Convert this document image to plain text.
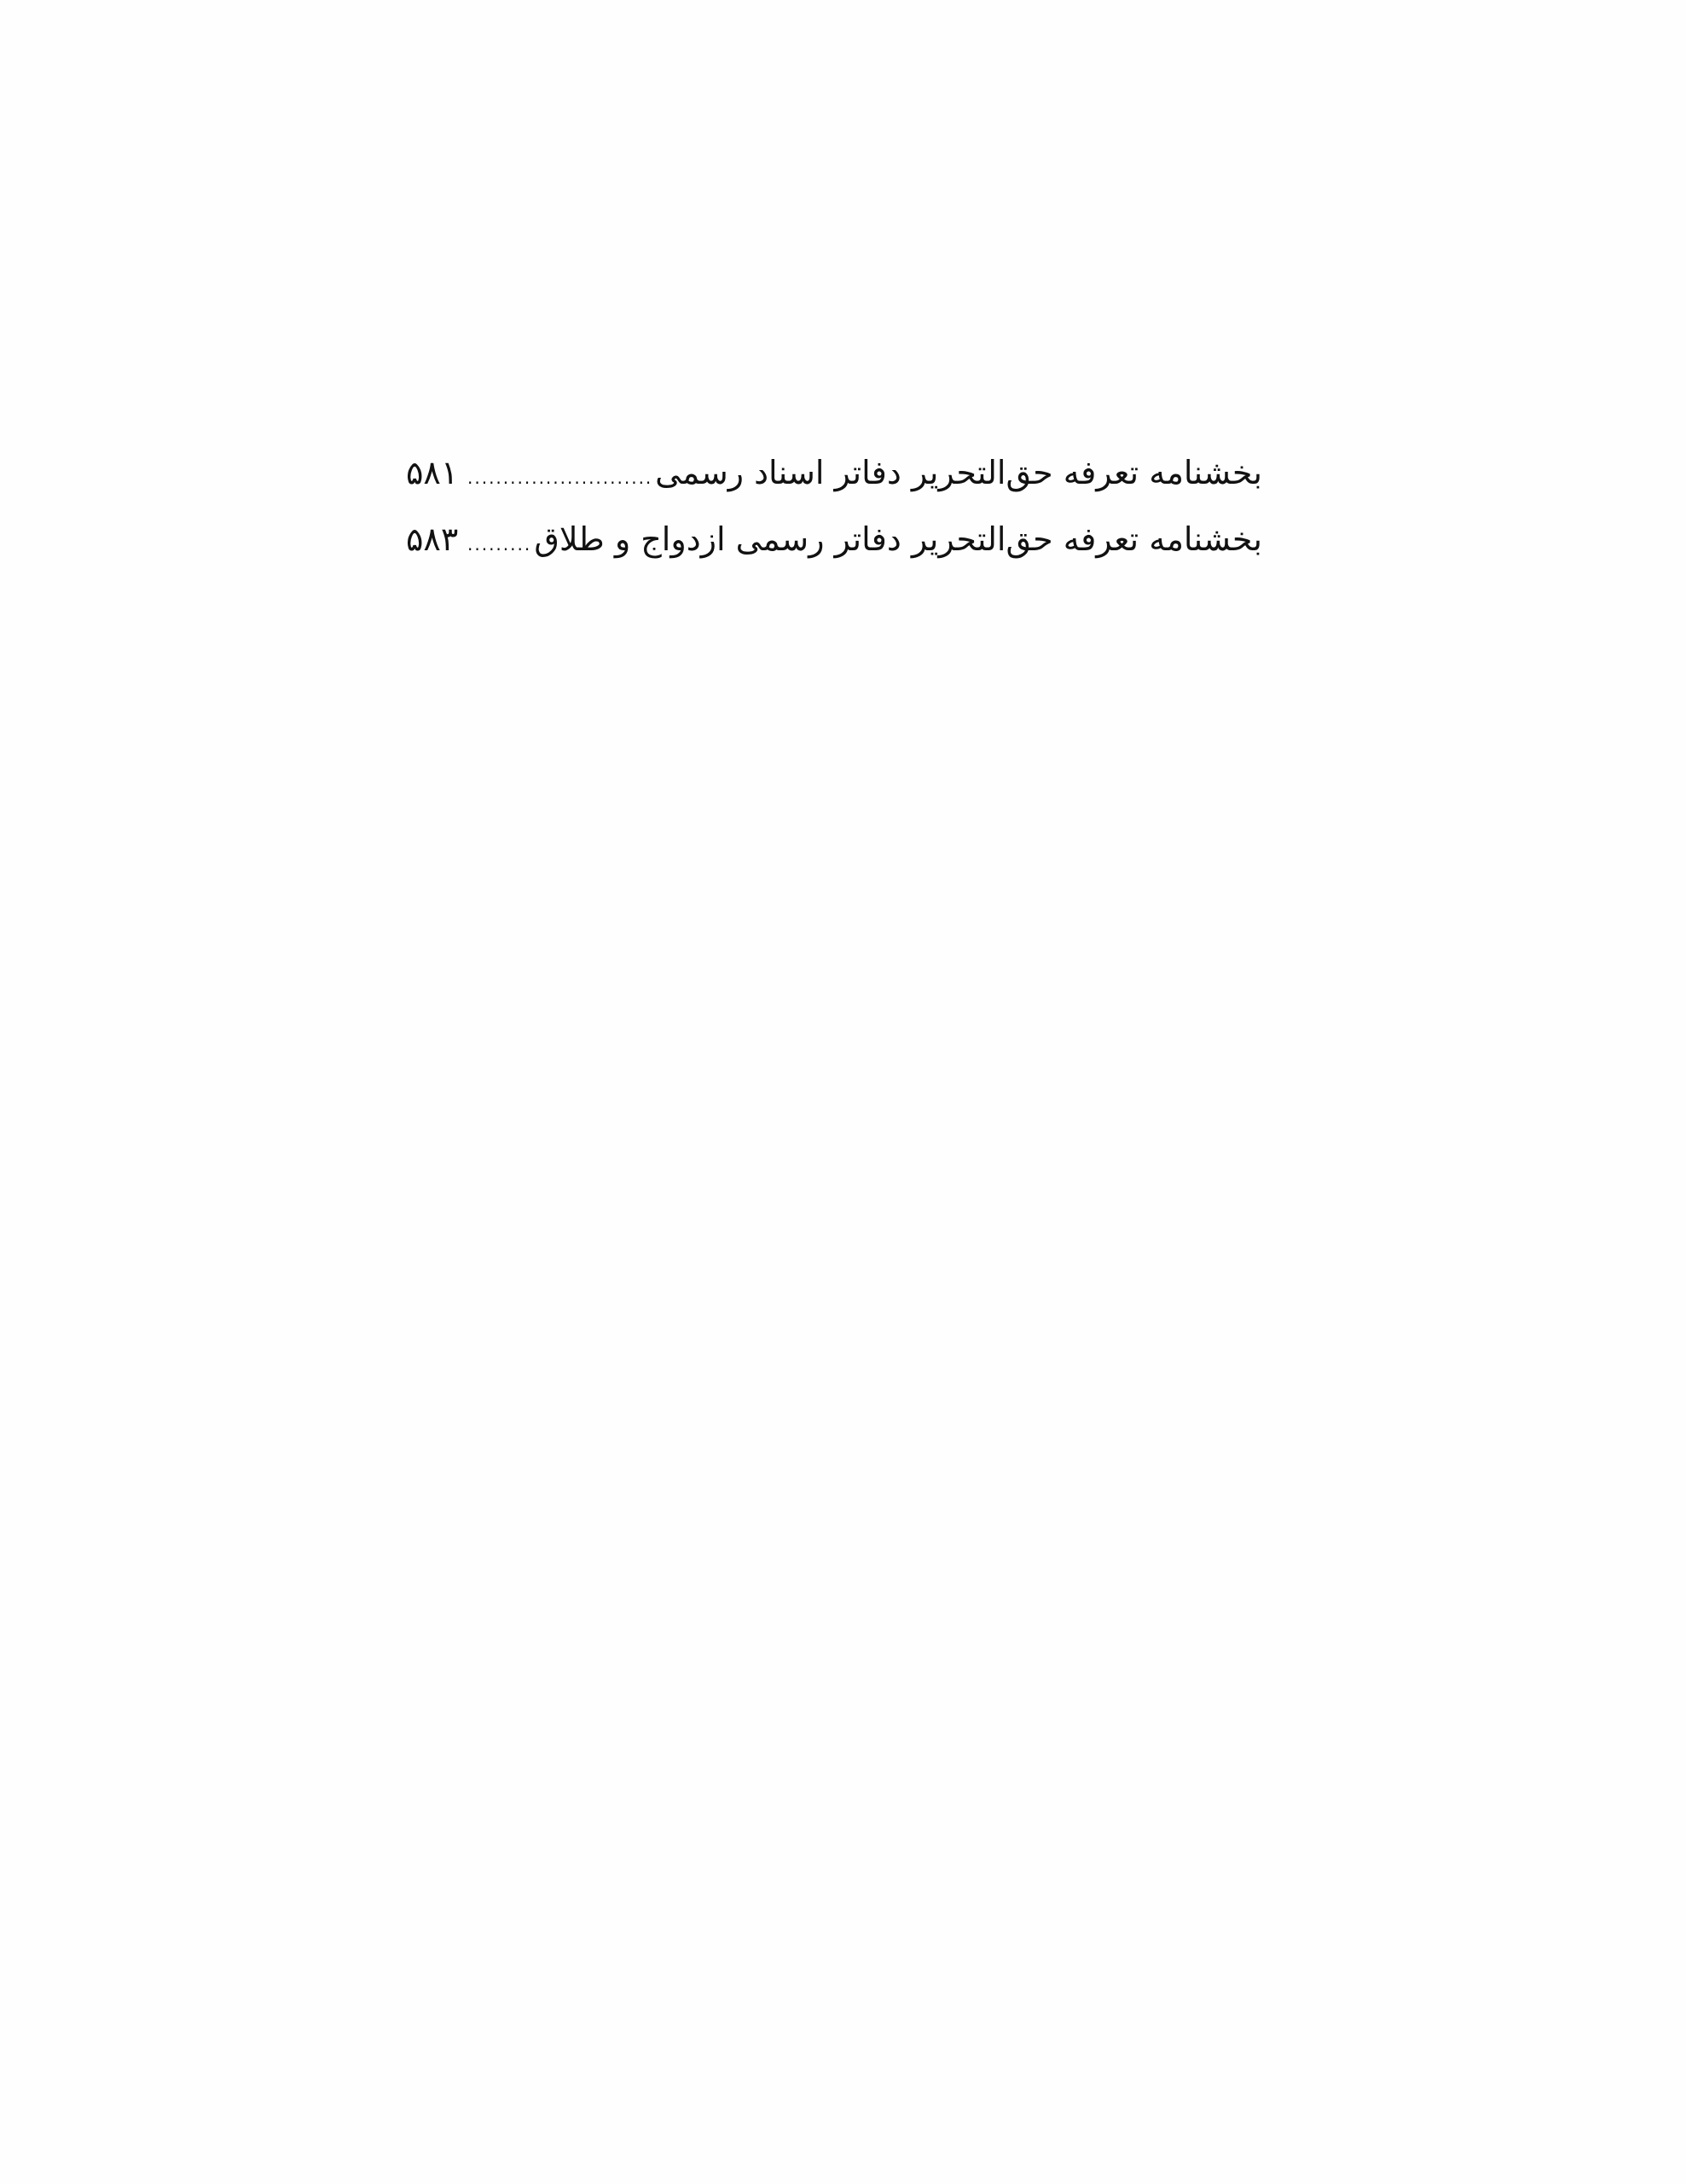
بخشنامه تعرفه حق‌التحریر دفاتر اسناد رسمی
.....
۵۸۱
بخشنامه تعرفه حق‌التحریر دفاتر رسمی ازدواج و طلاق
.....
۵۸۳
